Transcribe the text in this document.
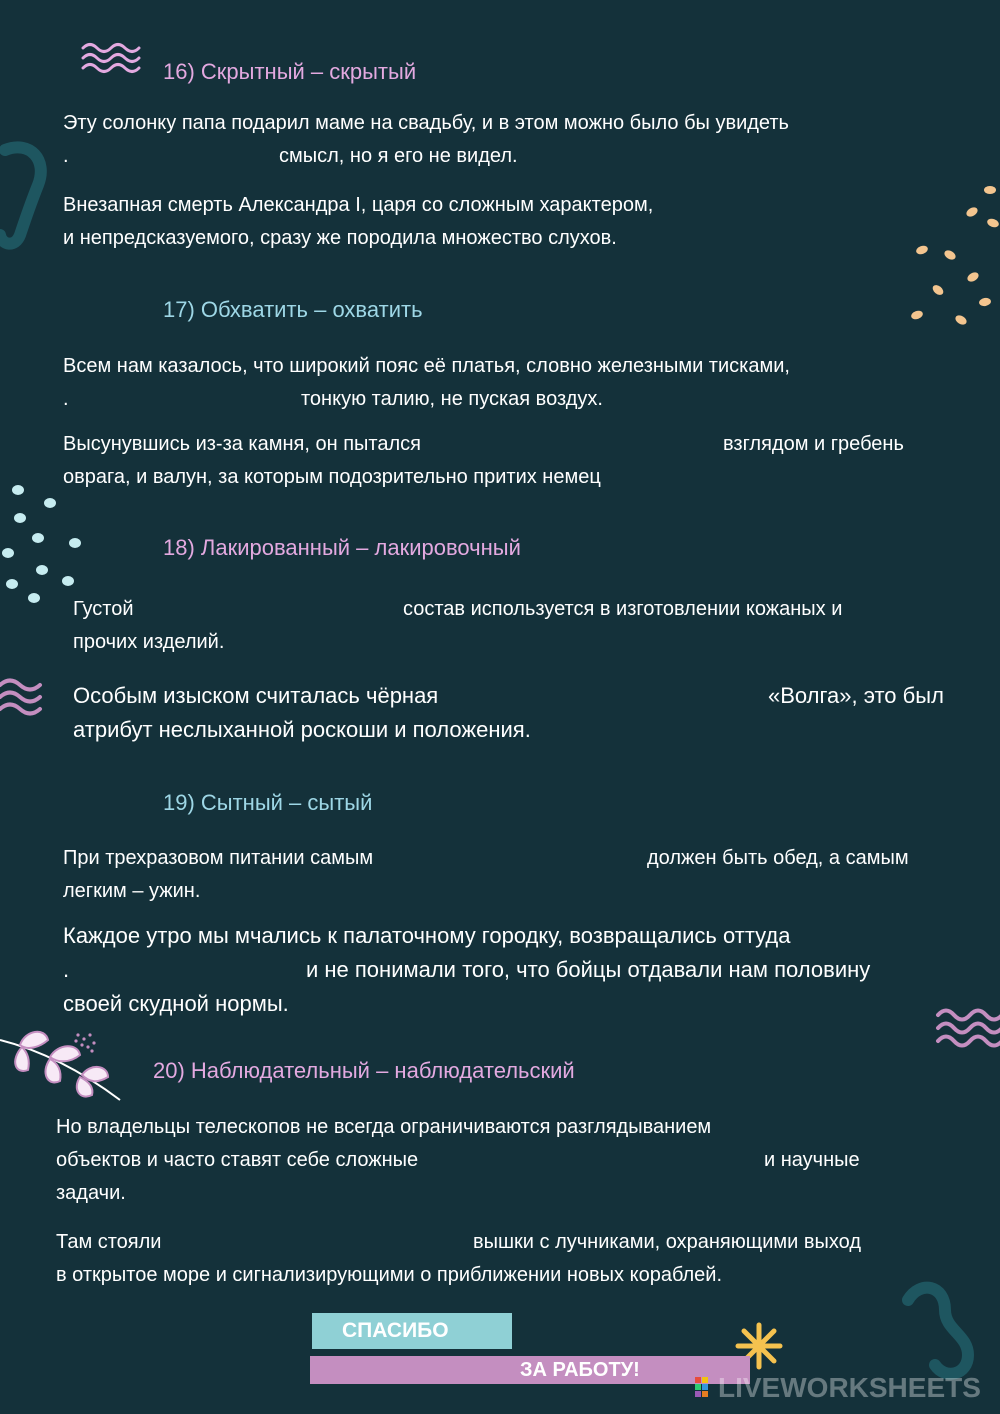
16) Скрытный – скрытый
Эту солонку папа подарил маме на свадьбу, и в этом можно было бы увидеть
.	смысл, но я его не видел.
Внезапная смерть Александра I, царя со сложным характером,
и непредсказуемого, сразу же породила множество слухов.
17) Обхватить – охватить
Всем нам казалось, что широкий пояс её платья, словно железными тисками,
.	тонкую талию, не пуская воздух.
Высунувшись из-за камня, он пытался	взглядом и гребень
оврага, и валун, за которым подозрительно притих немец
18) Лакированный – лакировочный
Густой	состав используется в изготовлении кожаных и
прочих изделий.
Особым изыском считалась чёрная	«Волга», это был
атрибут неслыханной роскоши и положения.
19) Сытный – сытый
При трехразовом питании самым	должен быть обед, а самым
легким – ужин.
Каждое утро мы мчались к палаточному городку, возвращались оттуда
.	и не понимали того, что бойцы отдавали нам половину
своей скудной нормы.
20) Наблюдательный – наблюдательский
Но владельцы телескопов не всегда ограничиваются разглядыванием
объектов и часто ставят себе сложные	и научные
задачи.
Там стояли	вышки с лучниками, охраняющими выход
в открытое море и сигнализирующими о приближении новых кораблей.
СПАСИБО
ЗА РАБОТУ!
LIVEWORKSHEETS
